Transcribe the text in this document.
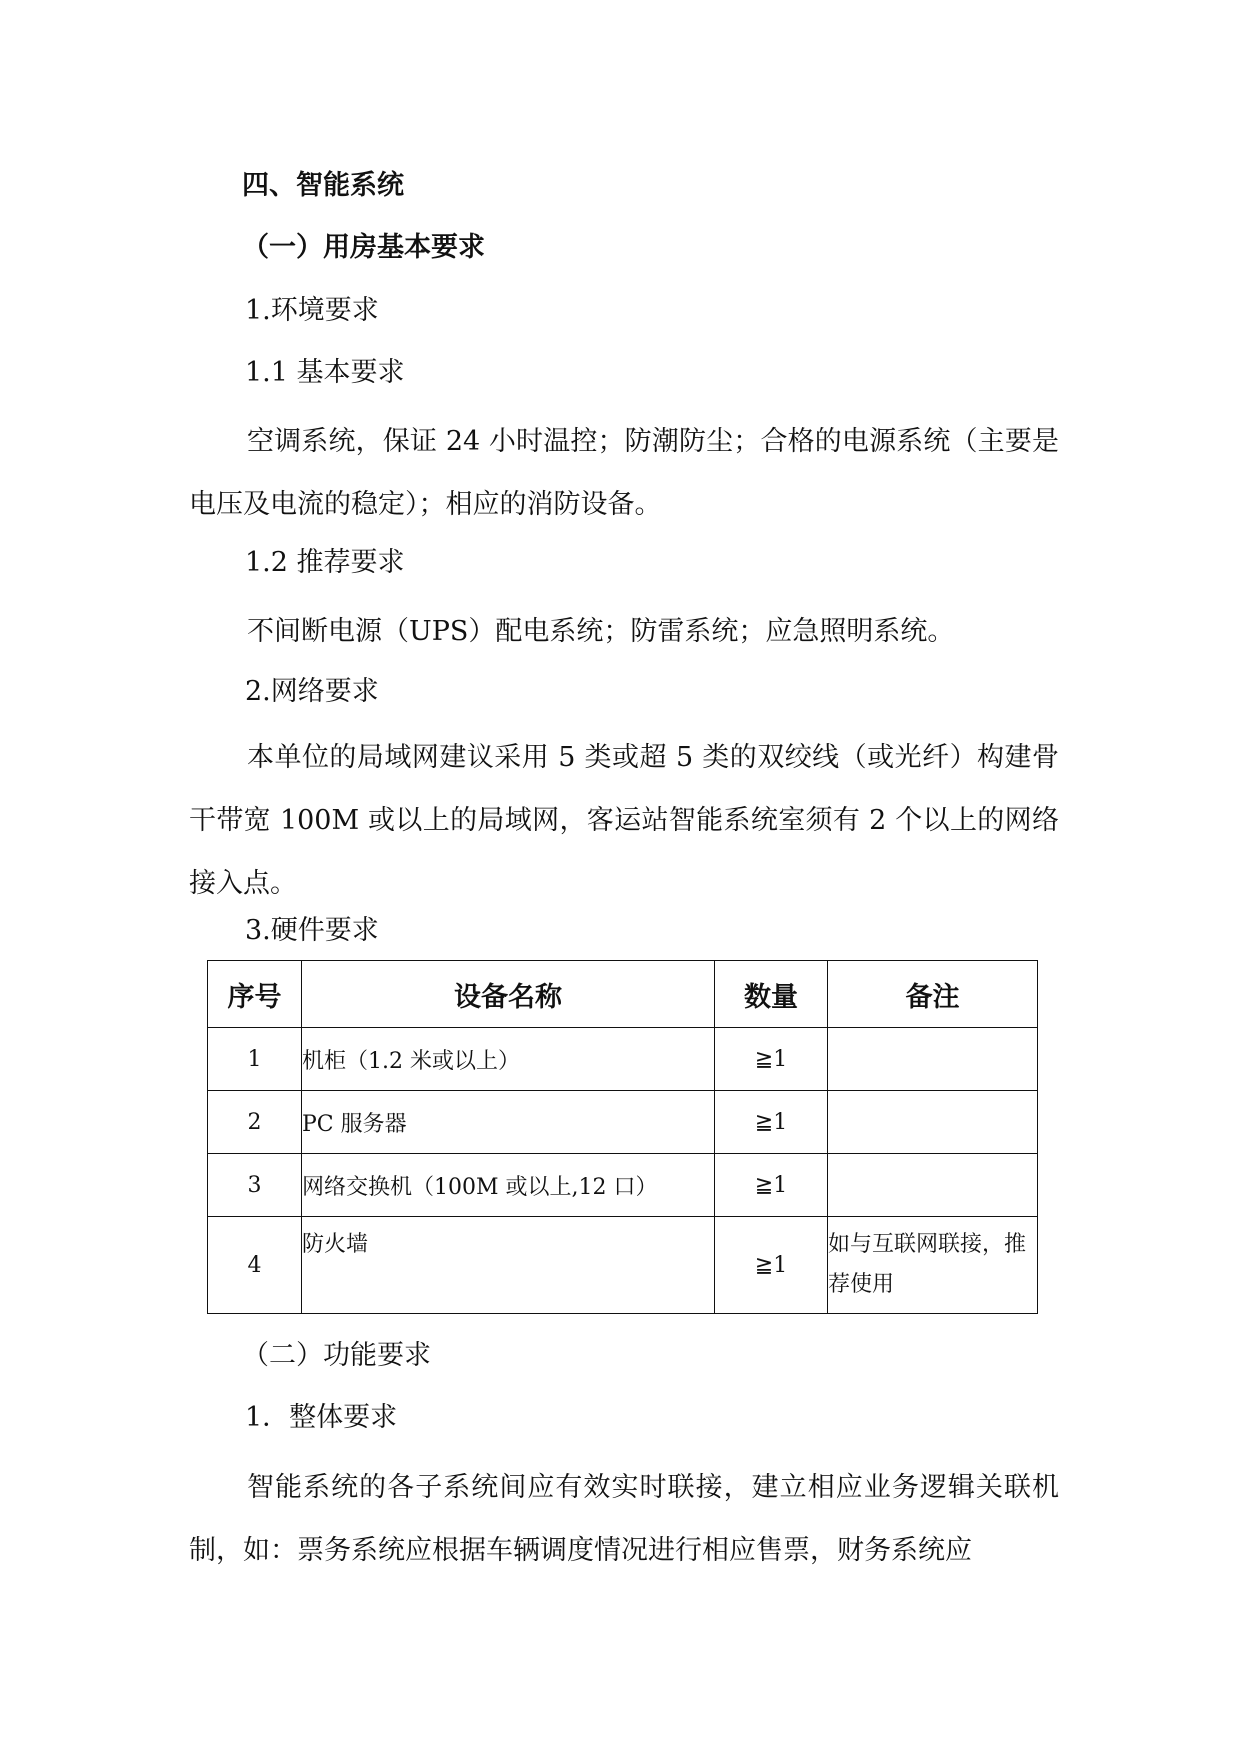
四、智能系统
（一）用房基本要求
1.环境要求
1.1 基本要求
空调系统，保证 24 小时温控；防潮防尘；合格的电源系统（主要是电压及电流的稳定）；相应的消防设备。
1.2 推荐要求
不间断电源（UPS）配电系统；防雷系统；应急照明系统。
2.网络要求
本单位的局域网建议采用 5 类或超 5 类的双绞线（或光纤）构建骨干带宽 100M 或以上的局域网，客运站智能系统室须有 2 个以上的网络接入点。
3.硬件要求
序号	设备名称	数量	备注
1	机柜（1.2 米或以上）	≧1	
2	PC 服务器	≧1	
3	网络交换机（100M 或以上,12 口）	≧1	
4	防火墙	≧1	如与互联网联接，推荐使用
（二）功能要求
1．整体要求
智能系统的各子系统间应有效实时联接，建立相应业务逻辑关联机制，如：票务系统应根据车辆调度情况进行相应售票，财务系统应
